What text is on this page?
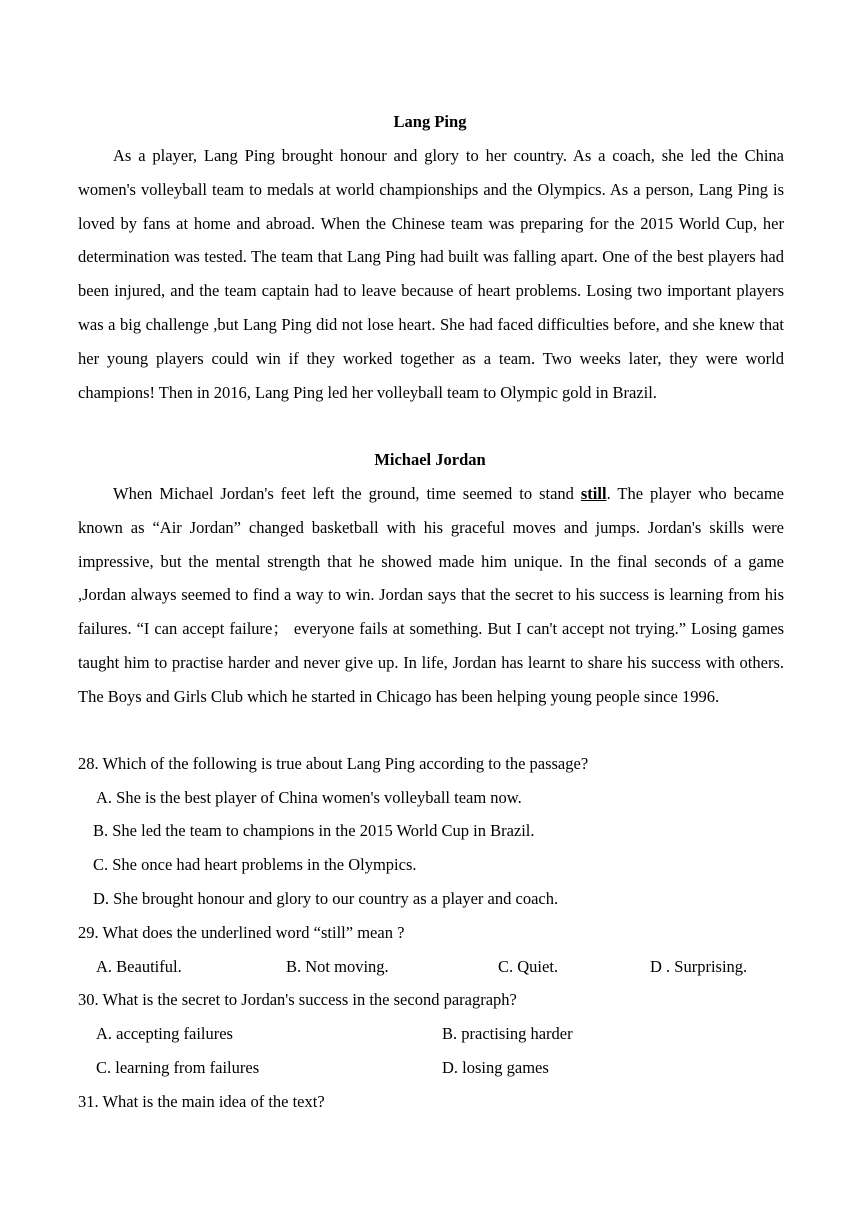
Lang Ping
As a player, Lang Ping brought honour and glory to her country. As a coach, she led the China women's volleyball team to medals at world championships and the Olympics. As a person, Lang Ping is loved by fans at home and abroad. When the Chinese team was preparing for the 2015 World Cup, her determination was tested. The team that Lang Ping had built was falling apart. One of the best players had been injured, and the team captain had to leave because of heart problems. Losing two important players was a big challenge ,but Lang Ping did not lose heart. She had faced difficulties before, and she knew that her young players could win if they worked together as a team. Two weeks later, they were world champions! Then in 2016, Lang Ping led her volleyball team to Olympic gold in Brazil.
Michael Jordan
When Michael Jordan's feet left the ground, time seemed to stand still. The player who became known as “Air Jordan” changed basketball with his graceful moves and jumps. Jordan's skills were impressive, but the mental strength that he showed made him unique. In the final seconds of a game ,Jordan always seemed to find a way to win. Jordan says that the secret to his success is learning from his failures. “I can accept failure； everyone fails at something. But I can't accept not trying.” Losing games taught him to practise harder and never give up. In life, Jordan has learnt to share his success with others. The Boys and Girls Club which he started in Chicago has been helping young people since 1996.
28. Which of the following is true about Lang Ping according to the passage?
A. She is the best player of China women's volleyball team now.
B. She led the team to champions in the 2015 World Cup in Brazil.
C. She once had heart problems in the Olympics.
D. She brought honour and glory to our country as a player and coach.
29. What does the underlined word “still” mean ?
A. Beautiful.	B. Not moving.	C. Quiet.	D . Surprising.
30. What is the secret to Jordan's success in the second paragraph?
A. accepting failures	B. practising harder
C. learning from failures	D. losing games
31. What is the main idea of the text?
